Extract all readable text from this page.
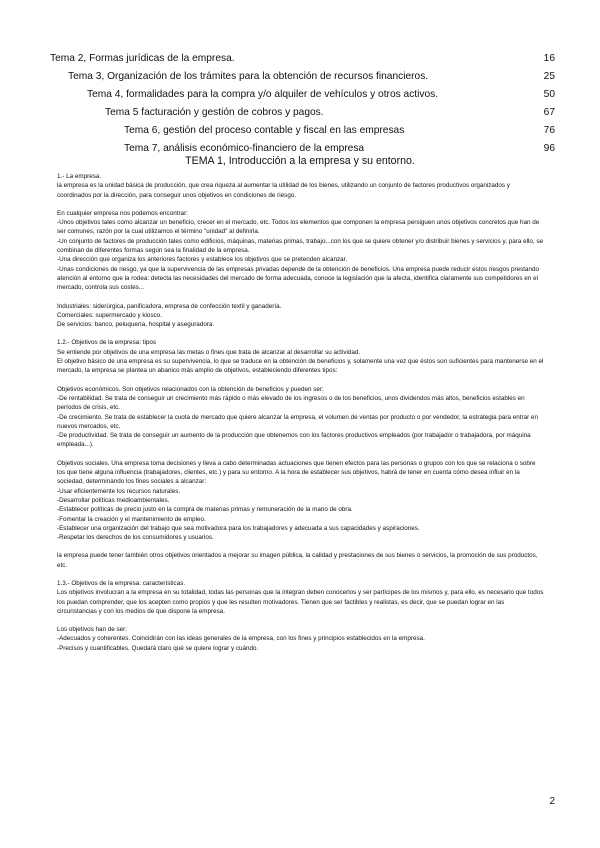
Tema 2, Formas jurídicas de la empresa.	16
Tema 3, Organización de los trámites para la obtención de recursos financieros.	25
Tema 4, formalidades para la compra y/o alquiler de vehículos y otros activos.	50
Tema 5 facturación y gestión de cobros y pagos.	67
Tema 6, gestión del proceso contable y fiscal en las empresas	76
Tema 7, análisis económico-financiero de la empresa	96
TEMA 1, Introducción a la empresa y su entorno.

1.- La empresa.

la empresa es la unidad básica de producción, que crea riqueza al aumentar la utilidad de los bienes, utilizando un conjunto de factores productivos organizados y coordinados por la dirección, para conseguir unos objetivos en condiciones de riesgo.

En cualquier empresa nos podemos encontrar:

-Unos objetivos tales como alcanzar un beneficio, crecer en el mercado, etc. Todos los elementos que componen la empresa persiguen unos objetivos concretos que han de ser comunes, razón por la cual utilizamos el término "unidad" al definirla.

-Un conjunto de factores de producción tales como edificios, máquinas, materias primas, trabajo...con los que se quiere obtener y/o distribuir bienes y servicios y, para ello, se combinan de diferentes formas según sea la finalidad de la empresa.

-Una dirección que organiza los anteriores factores y establece los objetivos que se pretenden alcanzar.

-Unas condiciones de riesgo, ya que la supervivencia de las empresas privadas depende de la obtención de beneficios. Una empresa puede reducir estos riesgos prestando atención al entorno que la rodea: detecta las necesidades del mercado de forma adecuada, conoce la legislación que la afecta, identifica claramente sus competidores en el mercado, controla sus costes...

Industriales: siderúrgica, panificadora, empresa de confección textil y ganadería.

Comerciales: supermercado y kiosco.

De servicios: banco, peluquería, hospital y aseguradora.

1.2.- Objetivos de la empresa: tipos

Se entiende por objetivos de una empresa las metas o fines que trata de alcanzar al desarrollar su actividad.

El objetivo básico de una empresa es su supervivencia, lo que se traduce en la obtención de beneficios y, solamente una vez que éstos son suficientes para mantenerse en el mercado, la empresa se plantea un abanico más amplio de objetivos, estableciendo diferentes tipos:

Objetivos económicos. Son objetivos relacionados con la obtención de beneficios y pueden ser:

-De rentabilidad. Se trata de conseguir un crecimiento más rápido o más elevado de los ingresos o de los beneficios, unos dividendos más altos, beneficios estables en períodos de crisis, etc.

-De crecimiento. Se trata de establecer la cuota de mercado que quiere alcanzar la empresa, el volumen de ventas por producto o por vendedor, la estrategia para entrar en nuevos mercados, etc.

-De productividad. Se trata de conseguir un aumento de la producción que obtenemos con los factores productivos empleados (por trabajador o trabajadora, por máquina empleada...).

Objetivos sociales. Una empresa toma decisiones y lleva a cabo determinadas actuaciones que tienen efectos para las personas o grupos con los que se relaciona o sobre los que tiene alguna influencia (trabajadores, clientes, etc.) y para su entorno. A la hora de establecer sus objetivos, habrá de tener en cuenta cómo desea influir en la sociedad, determinando los fines sociales a alcanzar:

-Usar eficientemente los recursos naturales.

-Desarrollar políticas medioambientales.

-Establecer políticas de precio justo en la compra de materias primas y remuneración de la mano de obra.

-Fomentar la creación y el mantenimiento de empleo.

-Establecer una organización del trabajo que sea motivadora para los trabajadores y adecuada a sus capacidades y aspiraciones.

-Respetar los derechos de los consumidores y usuarios.

la empresa puede tener también otros objetivos orientados a mejorar su imagen pública, la calidad y prestaciones de sus bienes o servicios, la promoción de sus productos, etc.

1.3.- Objetivos de la empresa: características.

Los objetivos involucran a la empresa en su totalidad, todas las personas que la integran deben conocerlos y ser partícipes de los mismos y, para ello, es necesario que todos los puedan comprender, que los acepten como propios y que les resulten motivadores. Tienen que ser factibles y realistas, es decir, que se puedan lograr en las circunstancias y con los medios de que dispone la empresa.

Los objetivos han de ser:

-Adecuados y coherentes. Coincidirán con las ideas generales de la empresa, con los fines y principios establecidos en la empresa.

-Precisos y cuantificables. Quedará claro qué se quiere lograr y cuándo.

2
